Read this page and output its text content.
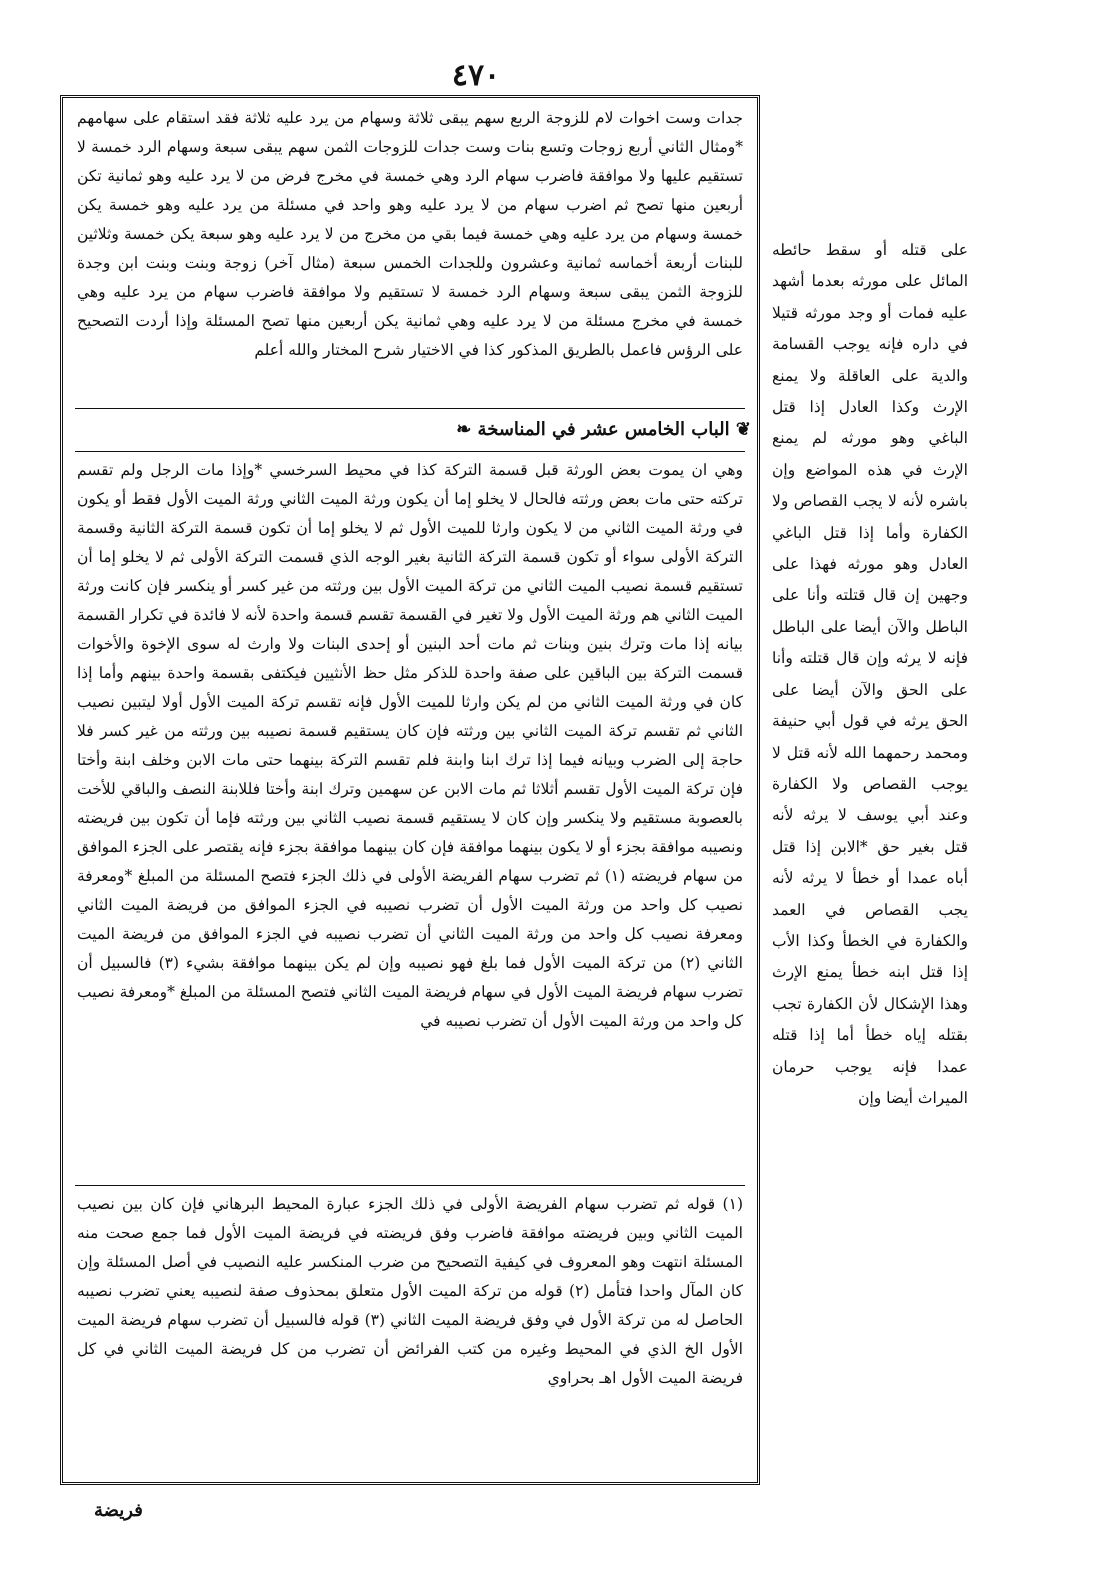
٤٧٠

جدات وست اخوات لام للزوجة الربع سهم يبقى ثلاثة وسهام من يرد عليه ثلاثة فقد استقام على سهامهم *ومثال الثاني أربع زوجات وتسع بنات وست جدات للزوجات الثمن سهم يبقى سبعة وسهام الرد خمسة لا تستقيم عليها ولا موافقة فاضرب سهام الرد وهي خمسة في مخرج فرض من لا يرد عليه وهو ثمانية تكن أربعين منها تصح ثم اضرب سهام من لا يرد عليه وهو واحد في مسئلة من يرد عليه وهو خمسة يكن خمسة وسهام من يرد عليه وهي خمسة فيما بقي من مخرج من لا يرد عليه وهو سبعة يكن خمسة وثلاثين للبنات أربعة أخماسه ثمانية وعشرون وللجدات الخمس سبعة (مثال آخر) زوجة وبنت وبنت ابن وجدة للزوجة الثمن يبقى سبعة وسهام الرد خمسة لا تستقيم ولا موافقة فاضرب سهام من يرد عليه وهي خمسة في مخرج مسئلة من لا يرد عليه وهي ثمانية يكن أربعين منها تصح المسئلة وإذا أردت التصحيح على الرؤس فاعمل بالطريق المذكور كذا في الاختيار شرح المختار والله أعلم

❦ الباب الخامس عشر في المناسخة ❧

وهي ان يموت بعض الورثة قبل قسمة التركة كذا في محيط السرخسي *وإذا مات الرجل ولم تقسم تركته حتى مات بعض ورثته فالحال لا يخلو إما أن يكون ورثة الميت الثاني ورثة الميت الأول فقط أو يكون في ورثة الميت الثاني من لا يكون وارثا للميت الأول ثم لا يخلو إما أن تكون قسمة التركة الثانية وقسمة التركة الأولى سواء أو تكون قسمة التركة الثانية بغير الوجه الذي قسمت التركة الأولى ثم لا يخلو إما أن تستقيم قسمة نصيب الميت الثاني من تركة الميت الأول بين ورثته من غير كسر أو ينكسر فإن كانت ورثة الميت الثاني هم ورثة الميت الأول ولا تغير في القسمة تقسم قسمة واحدة لأنه لا فائدة في تكرار القسمة بيانه إذا مات وترك بنين وبنات ثم مات أحد البنين أو إحدى البنات ولا وارث له سوى الإخوة والأخوات قسمت التركة بين الباقين على صفة واحدة للذكر مثل حظ الأنثيين فيكتفى بقسمة واحدة بينهم وأما إذا كان في ورثة الميت الثاني من لم يكن وارثا للميت الأول فإنه تقسم تركة الميت الأول أولا ليتبين نصيب الثاني ثم تقسم تركة الميت الثاني بين ورثته فإن كان يستقيم قسمة نصيبه بين ورثته من غير كسر فلا حاجة إلى الضرب وبيانه فيما إذا ترك ابنا وابنة فلم تقسم التركة بينهما حتى مات الابن وخلف ابنة وأختا فإن تركة الميت الأول تقسم أثلاثا ثم مات الابن عن سهمين وترك ابنة وأختا فللابنة النصف والباقي للأخت بالعصوبة مستقيم ولا ينكسر وإن كان لا يستقيم قسمة نصيب الثاني بين ورثته فإما أن تكون بين فريضته ونصيبه موافقة بجزء أو لا يكون بينهما موافقة فإن كان بينهما موافقة بجزء فإنه يقتصر على الجزء الموافق من سهام فريضته (١) ثم تضرب سهام الفريضة الأولى في ذلك الجزء فتصح المسئلة من المبلغ *ومعرفة نصيب كل واحد من ورثة الميت الأول أن تضرب نصيبه في الجزء الموافق من فريضة الميت الثاني ومعرفة نصيب كل واحد من ورثة الميت الثاني أن تضرب نصيبه في الجزء الموافق من فريضة الميت الثاني (٢) من تركة الميت الأول فما بلغ فهو نصيبه وإن لم يكن بينهما موافقة بشيء (٣) فالسبيل أن تضرب سهام فريضة الميت الأول في سهام فريضة الميت الثاني فتصح المسئلة من المبلغ *ومعرفة نصيب كل واحد من ورثة الميت الأول أن تضرب نصيبه في

(١) قوله ثم تضرب سهام الفريضة الأولى في ذلك الجزء عبارة المحيط البرهاني فإن كان بين نصيب الميت الثاني وبين فريضته موافقة فاضرب وفق فريضته في فريضة الميت الأول فما جمع صحت منه المسئلة انتهت وهو المعروف في كيفية التصحيح من ضرب المنكسر عليه النصيب في أصل المسئلة وإن كان المآل واحدا فتأمل (٢) قوله من تركة الميت الأول متعلق بمحذوف صفة لنصيبه يعني تضرب نصيبه الحاصل له من تركة الأول في وفق فريضة الميت الثاني (٣) قوله فالسبيل أن تضرب سهام فريضة الميت الأول الخ الذي في المحيط وغيره من كتب الفرائض أن تضرب من كل فريضة الميت الثاني في كل فريضة الميت الأول اهـ بحراوي

على قتله أو سقط حائطه المائل على مورثه بعدما أشهد عليه فمات أو وجد مورثه قتيلا في داره فإنه يوجب القسامة والدية على العاقلة ولا يمنع الإرث وكذا العادل إذا قتل الباغي وهو مورثه لم يمنع الإرث في هذه المواضع وإن باشره لأنه لا يجب القصاص ولا الكفارة وأما إذا قتل الباغي العادل وهو مورثه فهذا على وجهين إن قال قتلته وأنا على الباطل والآن أيضا على الباطل فإنه لا يرثه وإن قال قتلته وأنا على الحق والآن أيضا على الحق يرثه في قول أبي حنيفة ومحمد رحمهما الله لأنه قتل لا يوجب القصاص ولا الكفارة وعند أبي يوسف لا يرثه لأنه قتل بغير حق *الابن إذا قتل أباه عمدا أو خطأ لا يرثه لأنه يجب القصاص في العمد والكفارة في الخطأ وكذا الأب إذا قتل ابنه خطأ يمنع الإرث وهذا الإشكال لأن الكفارة تجب بقتله إياه خطأ أما إذا قتله عمدا فإنه يوجب حرمان الميراث أيضا وإن

فريضة
